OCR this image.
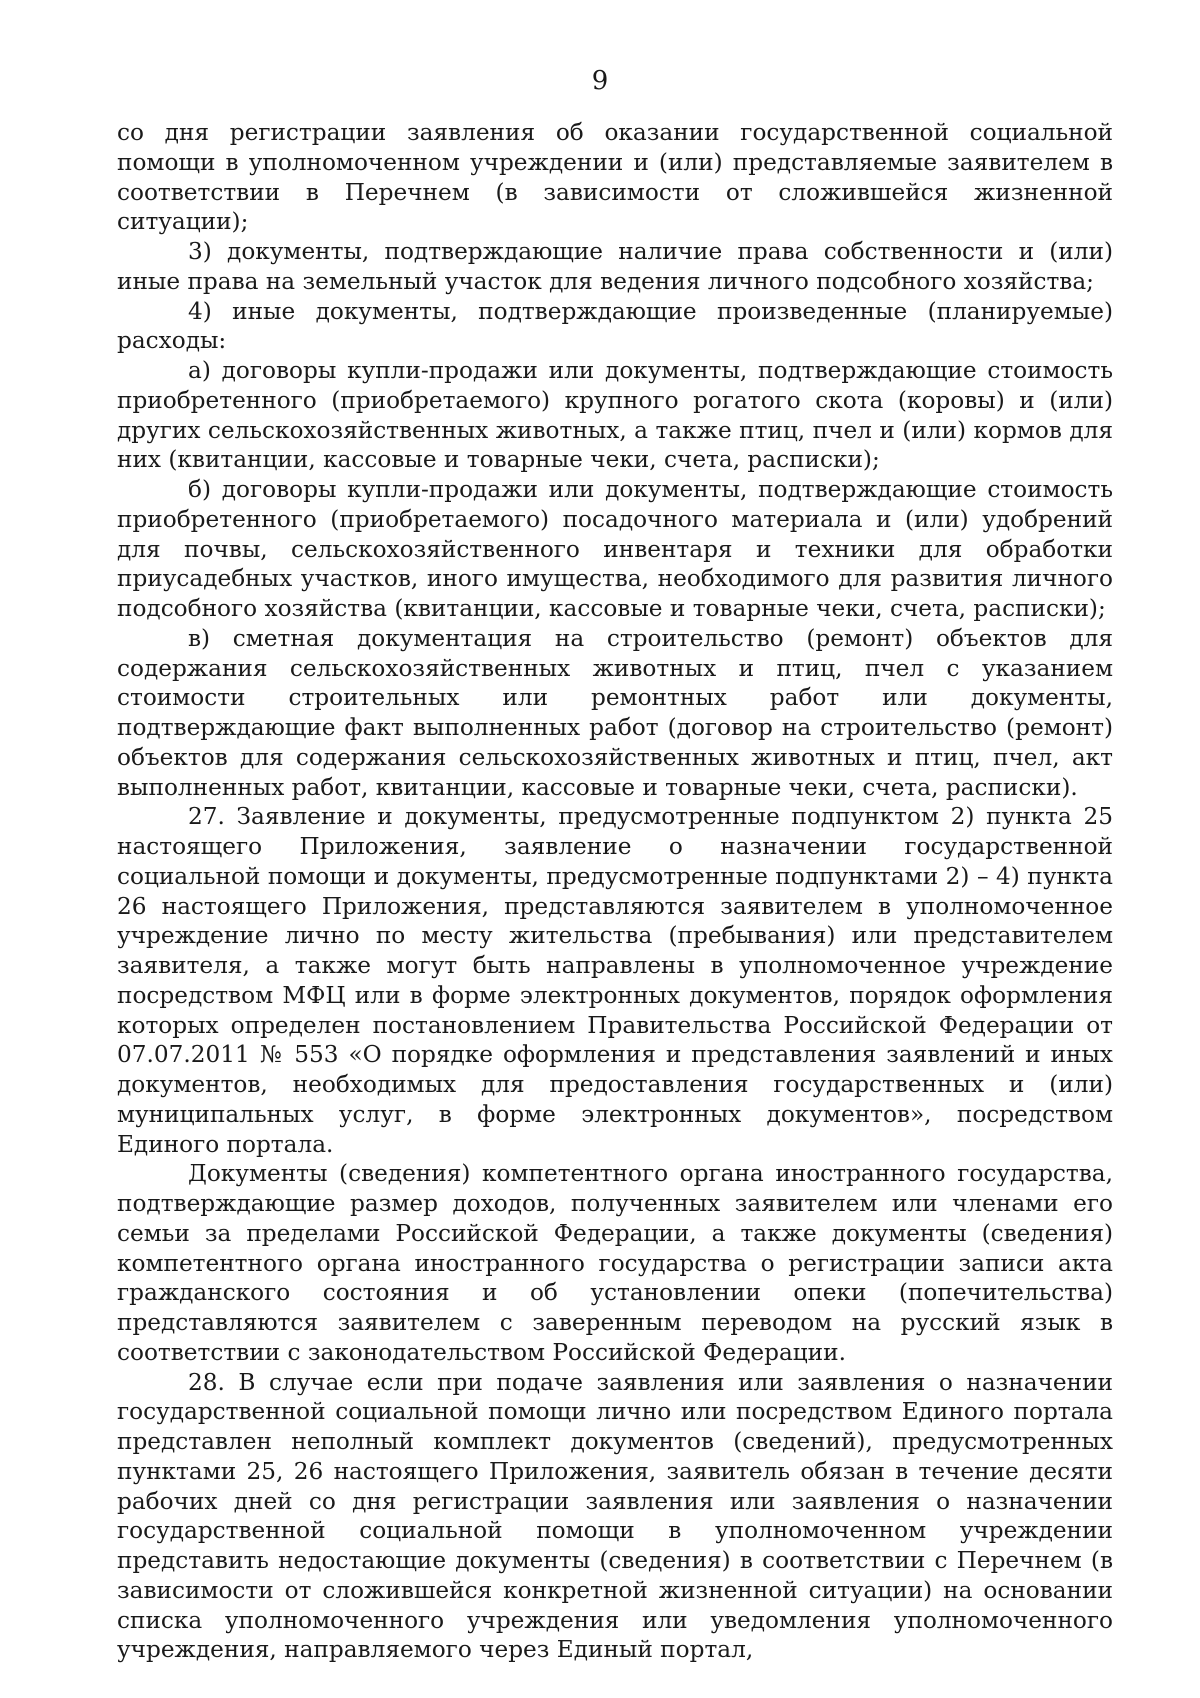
9

со дня регистрации заявления об оказании государственной социальной помощи в уполномоченном учреждении и (или) представляемые заявителем в соответствии в Перечнем (в зависимости от сложившейся жизненной ситуации);

3) документы, подтверждающие наличие права собственности и (или) иные права на земельный участок для ведения личного подсобного хозяйства;

4) иные документы, подтверждающие произведенные (планируемые) расходы:

а) договоры купли-продажи или документы, подтверждающие стоимость приобретенного (приобретаемого) крупного рогатого скота (коровы) и (или) других сельскохозяйственных животных, а также птиц, пчел и (или) кормов для них (квитанции, кассовые и товарные чеки, счета, расписки);

б) договоры купли-продажи или документы, подтверждающие стоимость приобретенного (приобретаемого) посадочного материала и (или) удобрений для почвы, сельскохозяйственного инвентаря и техники для обработки приусадебных участков, иного имущества, необходимого для развития личного подсобного хозяйства (квитанции, кассовые и товарные чеки, счета, расписки);

в) сметная документация на строительство (ремонт) объектов для содержания сельскохозяйственных животных и птиц, пчел с указанием стоимости строительных или ремонтных работ или документы, подтверждающие факт выполненных работ (договор на строительство (ремонт) объектов для содержания сельскохозяйственных животных и птиц, пчел, акт выполненных работ, квитанции, кассовые и товарные чеки, счета, расписки).

27. Заявление и документы, предусмотренные подпунктом 2) пункта 25 настоящего Приложения, заявление о назначении государственной социальной помощи и документы, предусмотренные подпунктами 2) – 4) пункта 26 настоящего Приложения, представляются заявителем в уполномоченное учреждение лично по месту жительства (пребывания) или представителем заявителя, а также могут быть направлены в уполномоченное учреждение посредством МФЦ или в форме электронных документов, порядок оформления которых определен постановлением Правительства Российской Федерации от 07.07.2011 № 553 «О порядке оформления и представления заявлений и иных документов, необходимых для предоставления государственных и (или) муниципальных услуг, в форме электронных документов», посредством Единого портала.

Документы (сведения) компетентного органа иностранного государства, подтверждающие размер доходов, полученных заявителем или членами его семьи за пределами Российской Федерации, а также документы (сведения) компетентного органа иностранного государства о регистрации записи акта гражданского состояния и об установлении опеки (попечительства) представляются заявителем с заверенным переводом на русский язык в соответствии с законодательством Российской Федерации.

28. В случае если при подаче заявления или заявления о назначении государственной социальной помощи лично или посредством Единого портала представлен неполный комплект документов (сведений), предусмотренных пунктами 25, 26 настоящего Приложения, заявитель обязан в течение десяти рабочих дней со дня регистрации заявления или заявления о назначении государственной социальной помощи в уполномоченном учреждении представить недостающие документы (сведения) в соответствии с Перечнем (в зависимости от сложившейся конкретной жизненной ситуации) на основании списка уполномоченного учреждения или уведомления уполномоченного учреждения, направляемого через Единый портал,
